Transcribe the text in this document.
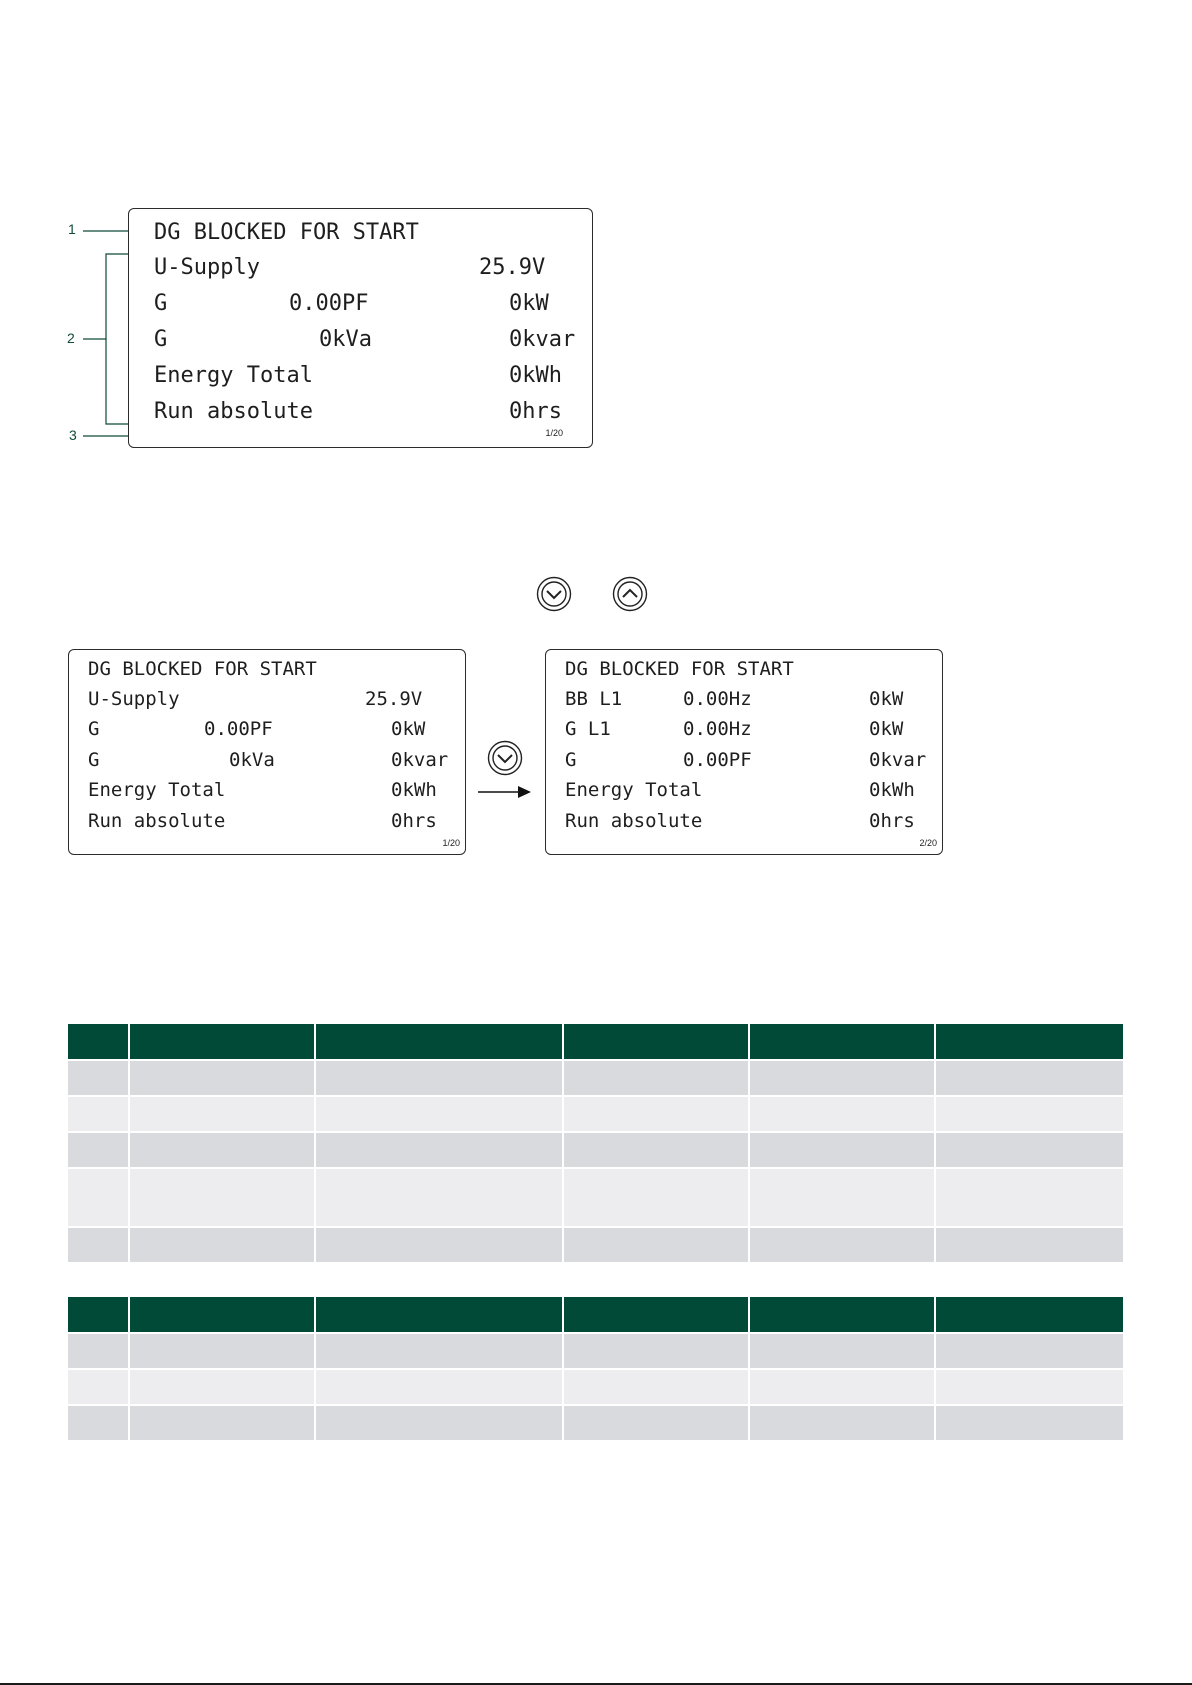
1
2
3
DG BLOCKED FOR START
U-Supply	25.9V
G	0.00PF	0kW
G	0kVa	0kvar
Energy Total	0kWh
Run absolute	0hrs
1/20
DG BLOCKED FOR START
U-Supply	25.9V
G	0.00PF	0kW
G	0kVa	0kvar
Energy Total	0kWh
Run absolute	0hrs
1/20
DG BLOCKED FOR START
BB L1	0.00Hz	0kW
G L1	0.00Hz	0kW
G	0.00PF	0kvar
Energy Total	0kWh
Run absolute	0hrs
2/20
